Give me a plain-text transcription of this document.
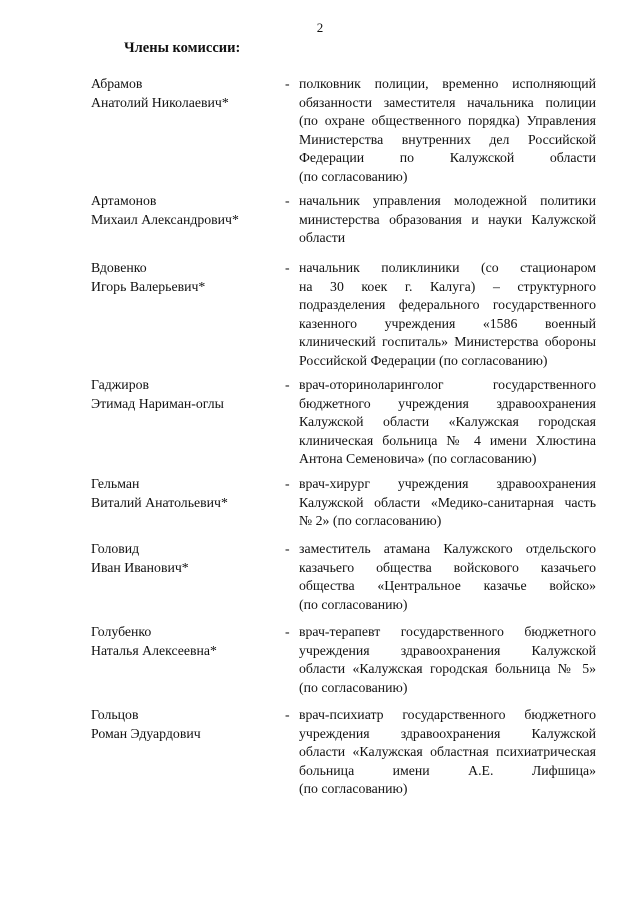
2
Члены комиссии:
Абрамов
Анатолий Николаевич*
- полковник полиции, временно исполняющий
обязанности заместителя начальника полиции
(по охране общественного порядка) Управления
Министерства внутренних дел Российской
Федерации по Калужской области
(по согласованию)
Артамонов
Михаил Александрович*
- начальник управления молодежной политики
министерства образования и науки Калужской
области
Вдовенко
Игорь Валерьевич*
- начальник поликлиники (со стационаром
на 30 коек г. Калуга) – структурного
подразделения федерального государственного
казенного учреждения «1586 военный
клинический госпиталь» Министерства обороны
Российской Федерации (по согласованию)
Гаджиров
Этимад Нариман-оглы
- врач-оториноларинголог государственного
бюджетного учреждения здравоохранения
Калужской области «Калужская городская
клиническая больница № 4 имени Хлюстина
Антона Семеновича» (по согласованию)
Гельман
Виталий Анатольевич*
- врач-хирург учреждения здравоохранения
Калужской области «Медико-санитарная часть
№ 2» (по согласованию)
Головид
Иван Иванович*
- заместитель атамана Калужского отдельского
казачьего общества войскового казачьего
общества «Центральное казачье войско»
(по согласованию)
Голубенко
Наталья Алексеевна*
- врач-терапевт государственного бюджетного
учреждения здравоохранения Калужской
области «Калужская городская больница № 5»
(по согласованию)
Гольцов
Роман Эдуардович
- врач-психиатр государственного бюджетного
учреждения здравоохранения Калужской
области «Калужская областная психиатрическая
больница имени А.Е. Лифшица»
(по согласованию)
